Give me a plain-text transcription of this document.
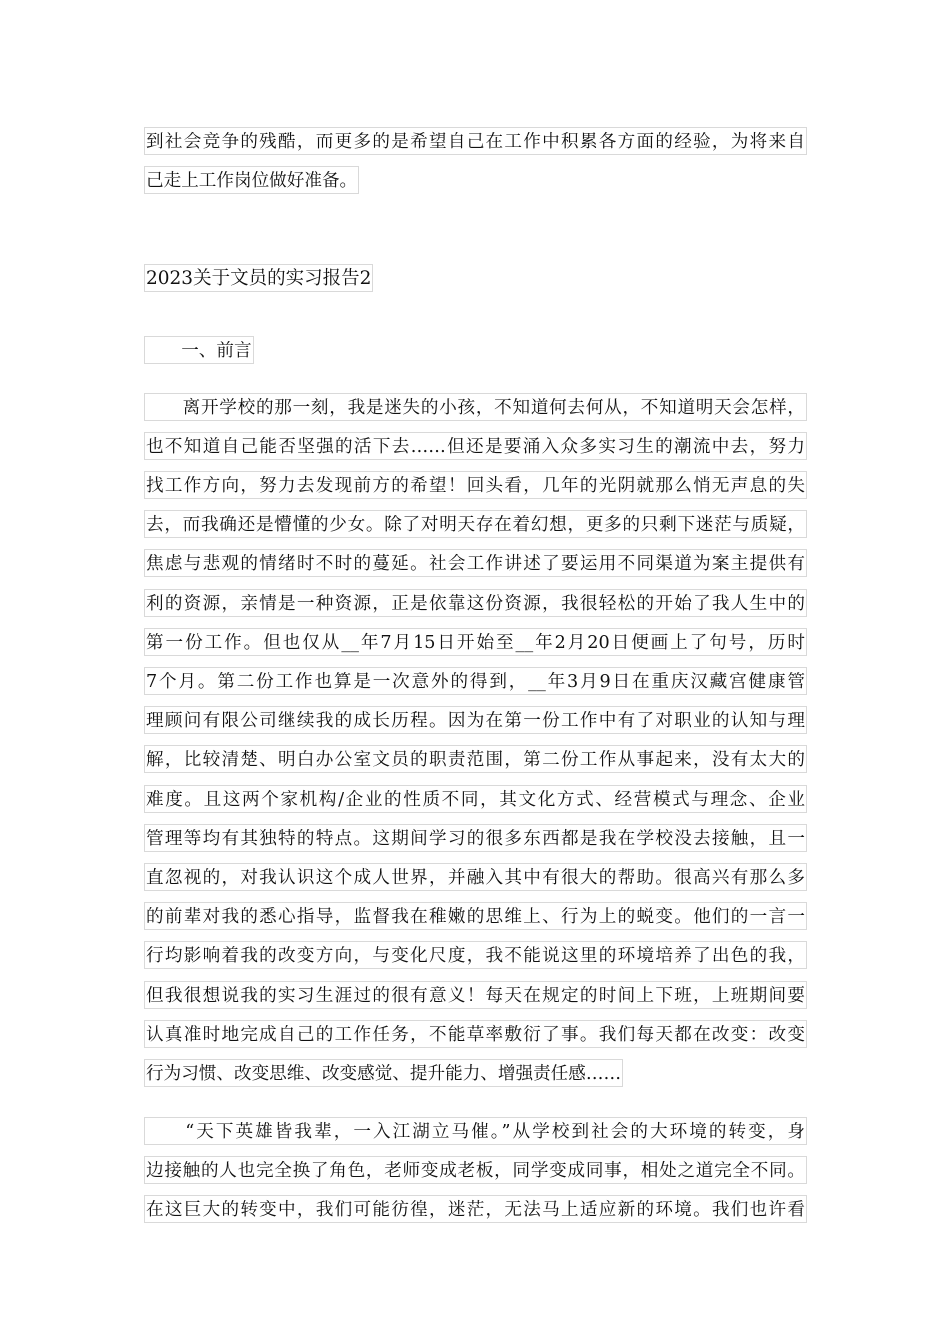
到社会竞争的残酷，而更多的是希望自己在工作中积累各方面的经验，为将来自
己走上工作岗位做好准备。
2023关于文员的实习报告2
　　一、前言
　　离开学校的那一刻，我是迷失的小孩，不知道何去何从，不知道明天会怎样，
也不知道自己能否坚强的活下去……但还是要涌入众多实习生的潮流中去，努力
找工作方向，努力去发现前方的希望！回头看，几年的光阴就那么悄无声息的失
去，而我确还是懵懂的少女。除了对明天存在着幻想，更多的只剩下迷茫与质疑，
焦虑与悲观的情绪时不时的蔓延。社会工作讲述了要运用不同渠道为案主提供有
利的资源，亲情是一种资源，正是依靠这份资源，我很轻松的开始了我人生中的
第一份工作。但也仅从__年7月15日开始至__年2月20日便画上了句号，历时
7个月。第二份工作也算是一次意外的得到，__年3月9日在重庆汉藏宫健康管
理顾问有限公司继续我的成长历程。因为在第一份工作中有了对职业的认知与理
解，比较清楚、明白办公室文员的职责范围，第二份工作从事起来，没有太大的
难度。且这两个家机构/企业的性质不同，其文化方式、经营模式与理念、企业
管理等均有其独特的特点。这期间学习的很多东西都是我在学校没去接触，且一
直忽视的，对我认识这个成人世界，并融入其中有很大的帮助。很高兴有那么多
的前辈对我的悉心指导，监督我在稚嫩的思维上、行为上的蜕变。他们的一言一
行均影响着我的改变方向，与变化尺度，我不能说这里的环境培养了出色的我，
但我很想说我的实习生涯过的很有意义！每天在规定的时间上下班，上班期间要
认真准时地完成自己的工作任务，不能草率敷衍了事。我们每天都在改变：改变
行为习惯、改变思维、改变感觉、提升能力、增强责任感……
　　“天下英雄皆我辈，一入江湖立马催。”从学校到社会的大环境的转变，身
边接触的人也完全换了角色，老师变成老板，同学变成同事，相处之道完全不同。
在这巨大的转变中，我们可能彷徨，迷茫，无法马上适应新的环境。我们也许看
